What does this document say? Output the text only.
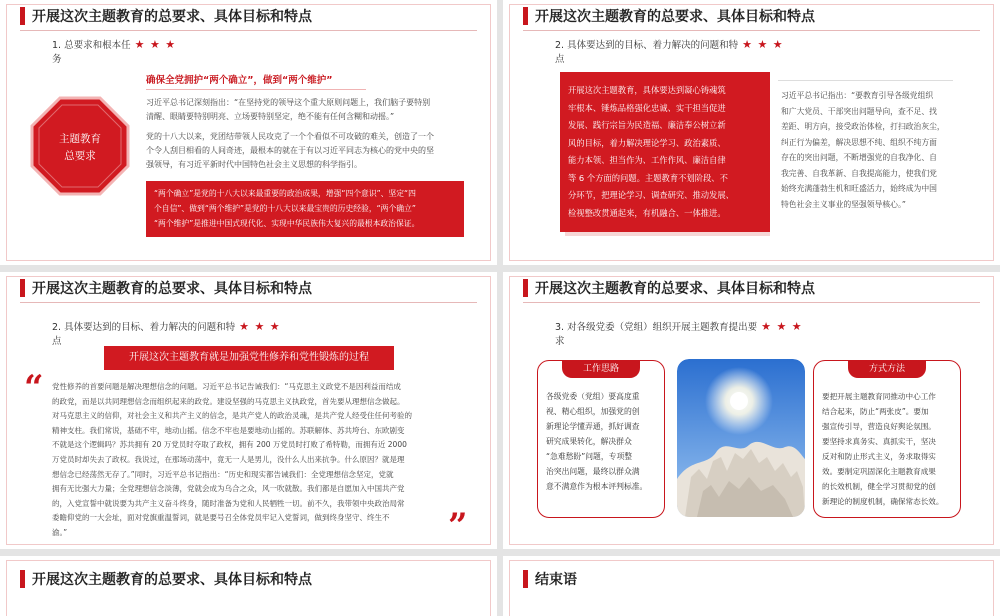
开展这次主题教育的总要求、具体目标和特点
1. 总要求和根本任 ★ ★ ★
务
主题教育
总要求
确保全党拥护“两个确立”，做到“两个维护”
习近平总书记深刻指出：“在坚持党的领导这个重大原则问题上，我们脑子要特别
清醒、眼睛要特别明亮、立场要特别坚定，绝不能有任何含糊和动摇。”
党的十八大以来，党团结带领人民攻克了一个个看似不可攻破的难关，创造了一个
个令人刮目相看的人间奇迹，最根本的就在于有以习近平同志为核心的党中央的坚
强领导，有习近平新时代中国特色社会主义思想的科学指引。
“两个确立”是党的十八大以来最重要的政治成果，增强“四个意识”、坚定“四
个自信”、做到“两个维护”是党的十八大以来最宝贵的历史经验，“两个确立”
“两个维护”是推进中国式现代化、实现中华民族伟大复兴的最根本政治保证。
开展这次主题教育的总要求、具体目标和特点
2. 具体要达到的目标、着力解决的问题和特 ★ ★ ★
点
开展这次主题教育，具体要达到凝心铸魂筑
牢根本、锤炼品格强化忠诚、实干担当促进
发展、践行宗旨为民造福、廉洁奉公树立新
风的目标，着力解决理论学习、政治素质、
能力本领、担当作为、工作作风、廉洁自律
等 6 个方面的问题。主题教育不划阶段、不
分环节，把理论学习、调查研究、推动发展、
检视整改贯通起来，有机融合、一体推进。
习近平总书记指出：“要教育引导各级党组织
和广大党员、干部突出问题导向，查不足、找
差距、明方向，接受政治体检，打扫政治灰尘，
纠正行为偏差，解决思想不纯、组织不纯方面
存在的突出问题，不断增强党的自我净化、自
我完善、自我革新、自我提高能力，使我们党
始终充满蓬勃生机和旺盛活力，始终成为中国
特色社会主义事业的坚强领导核心。”
开展这次主题教育的总要求、具体目标和特点
2. 具体要达到的目标、着力解决的问题和特 ★ ★ ★
点
开展这次主题教育就是加强党性修养和党性锻炼的过程
“
”
党性修养的首要问题是解决理想信念的问题。习近平总书记告诫我们：“马克思主义政党不是因利益而结成
的政党，而是以共同理想信念而组织起来的政党。建设坚强的马克思主义执政党，首先要从理想信念做起。
对马克思主义的信仰，对社会主义和共产主义的信念，是共产党人的政治灵魂，是共产党人经受住任何考验的
精神支柱。我们常说，基础不牢，地动山摇。信念不牢也是要地动山摇的。苏联解体、苏共垮台、东欧剧变
不就是这个逻辑吗？苏共拥有 20 万党员时夺取了政权，拥有 200 万党员时打败了希特勒，而拥有近 2000
万党员时却失去了政权。我说过，在那场动荡中，竟无一人是男儿，没什么人出来抗争。什么原因？就是理
想信念已经荡然无存了。”同时，习近平总书记指出：“历史和现实都告诫我们：全党理想信念坚定，党就
拥有无比强大力量；全党理想信念淡薄，党就会成为乌合之众，风一吹就散。我们都是自愿加入中国共产党
的，入党宣誓中就说要为共产主义奋斗终身，随时准备为党和人民牺牲一切。前不久，我带领中央政治局常
委瞻仰党的一大会址，面对党旗重温誓词，就是要号召全体党员牢记入党誓词，做到终身坚守、终生不
渝。”
开展这次主题教育的总要求、具体目标和特点
3. 对各级党委（党组）组织开展主题教育提出要 ★ ★ ★
求
工作思路
各级党委（党组）要高度重
视、精心组织，加强党的创
新理论学懂弄通，抓好调查
研究成果转化，解决群众
“急难愁盼”问题，专项整
治突出问题，最终以群众满
意不满意作为根本评判标准。
方式方法
要把开展主题教育同推动中心工作
结合起来，防止“两张皮”。要加
强宣传引导，营造良好舆论氛围。
要坚持求真务实、真抓实干，坚决
反对和防止形式主义，务求取得实
效。要制定巩固深化主题教育成果
的长效机制，健全学习贯彻党的创
新理论的制度机制，确保常态长效。
开展这次主题教育的总要求、具体目标和特点	结束语
